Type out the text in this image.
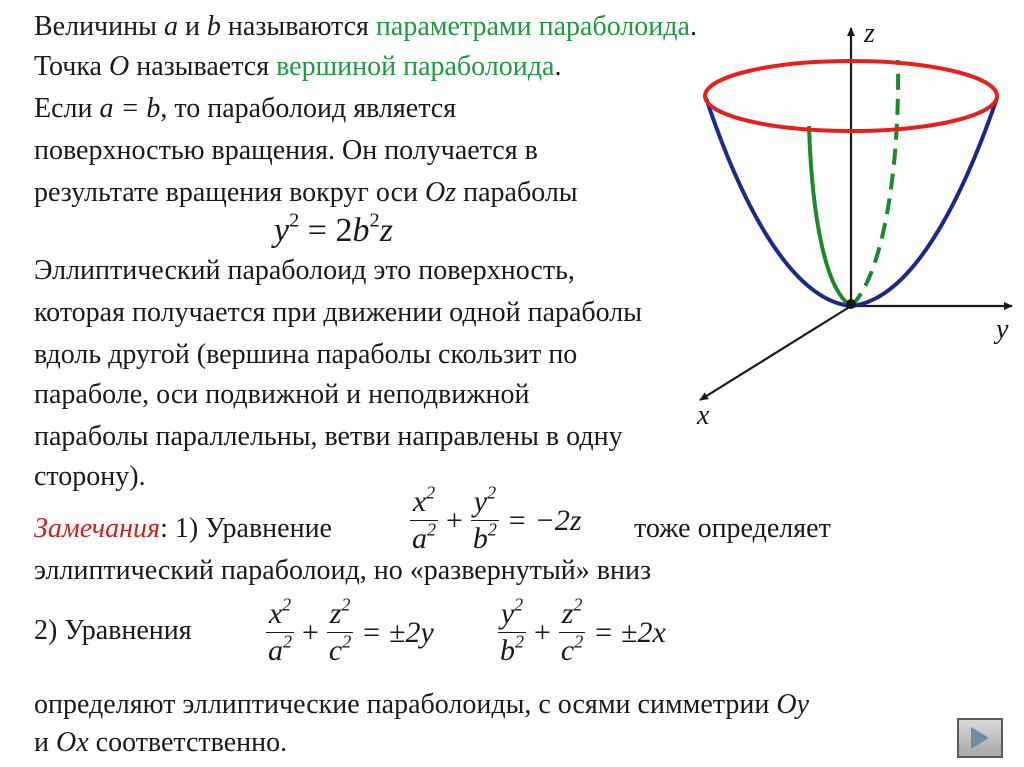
Величины a и b называются параметрами параболоида.
Точка O называется вершиной параболоида.
Если a = b, то параболоид является
поверхностью вращения. Он получается в
результате вращения вокруг оси Oz параболы
$y^2 = 2b^2z$
Эллиптический параболоид это поверхность,
которая получается при движении одной параболы
вдоль другой (вершина параболы скользит по
параболе, оси подвижной и неподвижной
параболы параллельны, ветви направлены в одну
сторону).
Замечания: 1) Уравнение	$\frac{x^2}{a^2} + \frac{y^2}{b^2} = -2z$ тоже определяет
эллиптический параболоид, но «развернутый» вниз
2) Уравнения $\frac{x^2}{a^2} + \frac{z^2}{c^2} = \pm 2y \frac{y^2}{b^2} + \frac{z^2}{c^2} = \pm 2x$
определяют эллиптические параболоиды, с осями симметрии Oy
и Ox соответственно.
z
y
x
